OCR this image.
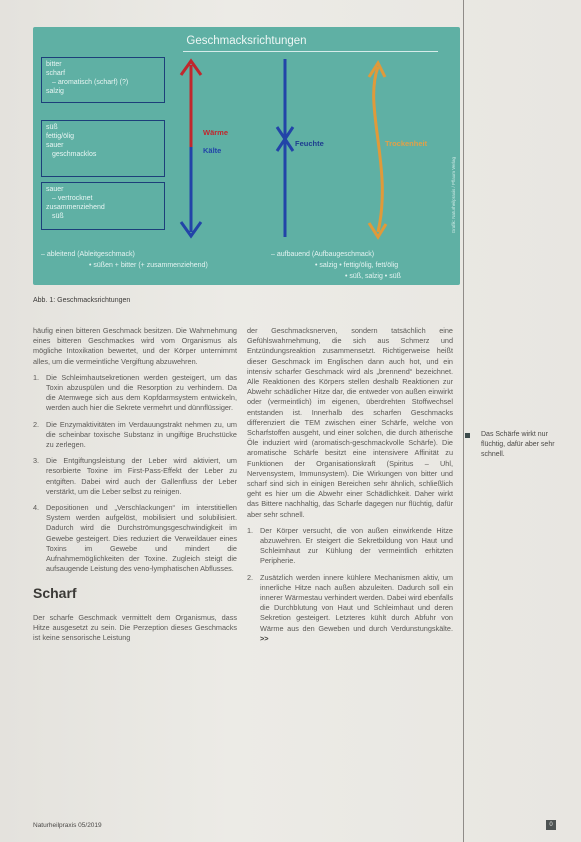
Geschmacksrichtungen
bitter
scharf
– aromatisch (scharf) (?)
salzig
süß
fettig/ölig
sauer
geschmacklos
sauer
– vertrocknet
zusammenziehend
süß
Wärme
Kälte
Feuchte	Trockenheit
– ableitend (Ableitgeschmack)
• süßen + bitter (+ zusammenziehend)
– aufbauend (Aufbaugeschmack)
• salzig • fettig/ölig, fett/ölig
• süß, salzig • süß
Grafik: Naturheilpraxis / Pflaum Verlag
Abb. 1: Geschmacksrichtungen

häufig einen bitteren Geschmack besitzen. Die Wahrnehmung eines bitteren Geschmackes wird vom Organismus als mögliche Intoxikation bewertet, und der Körper unternimmt alles, um die vermeintliche Vergiftung abzuwehren.

1. Die Schleimhautsekretionen werden gesteigert, um das Toxin abzuspülen und die Resorption zu verhindern. Da die Atemwege sich aus dem Kopfdarmsystem entwickeln, werden auch hier die Sekrete vermehrt und dünnflüssiger.
2. Die Enzymaktivitäten im Verdauungstrakt nehmen zu, um die scheinbar toxische Substanz in ungiftige Bruchstücke zu zerlegen.
3. Die Entgiftungsleistung der Leber wird aktiviert, um resorbierte Toxine im First-Pass-Effekt der Leber zu entgiften. Dabei wird auch der Gallenfluss der Leber verstärkt, um die Leber selbst zu reinigen.
4. Depositionen und „Verschlackungen“ im interstitiellen System werden aufgelöst, mobilisiert und solubilisiert. Dadurch wird die Durchströmungsgeschwindigkeit im Gewebe gesteigert. Dies reduziert die Verweildauer eines Toxins im Gewebe und mindert die Aufnahmemöglichkeiten der Toxine. Zugleich steigt die aufsaugende Leistung des veno-lymphatischen Abflusses.
Scharf

Der scharfe Geschmack vermittelt dem Organismus, dass Hitze ausgesetzt zu sein. Die Perzeption dieses Geschmacks ist keine sensorische Leistung

der Geschmacksnerven, sondern tatsächlich eine Gefühlswahrnehmung, die sich aus Schmerz und Entzündungsreaktion zusammensetzt. Richtigerweise heißt dieser Geschmack im Englischen dann auch hot, und ein intensiv scharfer Geschmack wird als „brennend“ bezeichnet. Alle Reaktionen des Körpers stellen deshalb Reaktionen zur Abwehr schädlicher Hitze dar, die entweder von außen einwirkt oder (vermeintlich) im eigenen, überdrehten Stoffwechsel entstanden ist. Innerhalb des scharfen Geschmacks differenziert die TEM zwischen einer Schärfe, welche von Scharfstoffen ausgeht, und einer solchen, die durch ätherische Öle induziert wird (aromatisch-geschmackvolle Schärfe). Die aromatische Schärfe besitzt eine intensivere Affinität zu Funktionen der Organisationskraft (Spiritus – Uhl, Nervensystem, Immunsystem). Die Wirkungen von bitter und scharf sind sich in einigen Bereichen sehr ähnlich, schließlich geht es hier um die Abwehr einer Schädlichkeit. Daher wirkt das Bittere nachhaltig, das Scharfe dagegen nur flüchtig, dafür aber sehr schnell.

1. Der Körper versucht, die von außen einwirkende Hitze abzuwehren. Er steigert die Sekretbildung von Haut und Schleimhaut zur Kühlung der vermeintlich erhitzten Peripherie.
2. Zusätzlich werden innere kühlere Mechanismen aktiv, um innerliche Hitze nach außen abzuleiten. Dadurch soll ein innerer Wärmestau verhindert werden. Dabei wird ebenfalls die Durchblutung von Haut und Schleimhaut und deren Sekretion gesteigert. Letzteres kühlt durch Abfuhr von Wärme aus den Geweben und durch Verdunstungskälte. >>
Das Schärfe wirkt nur flüchtig, dafür aber sehr schnell.
Naturheilpraxis 05/2019	0
